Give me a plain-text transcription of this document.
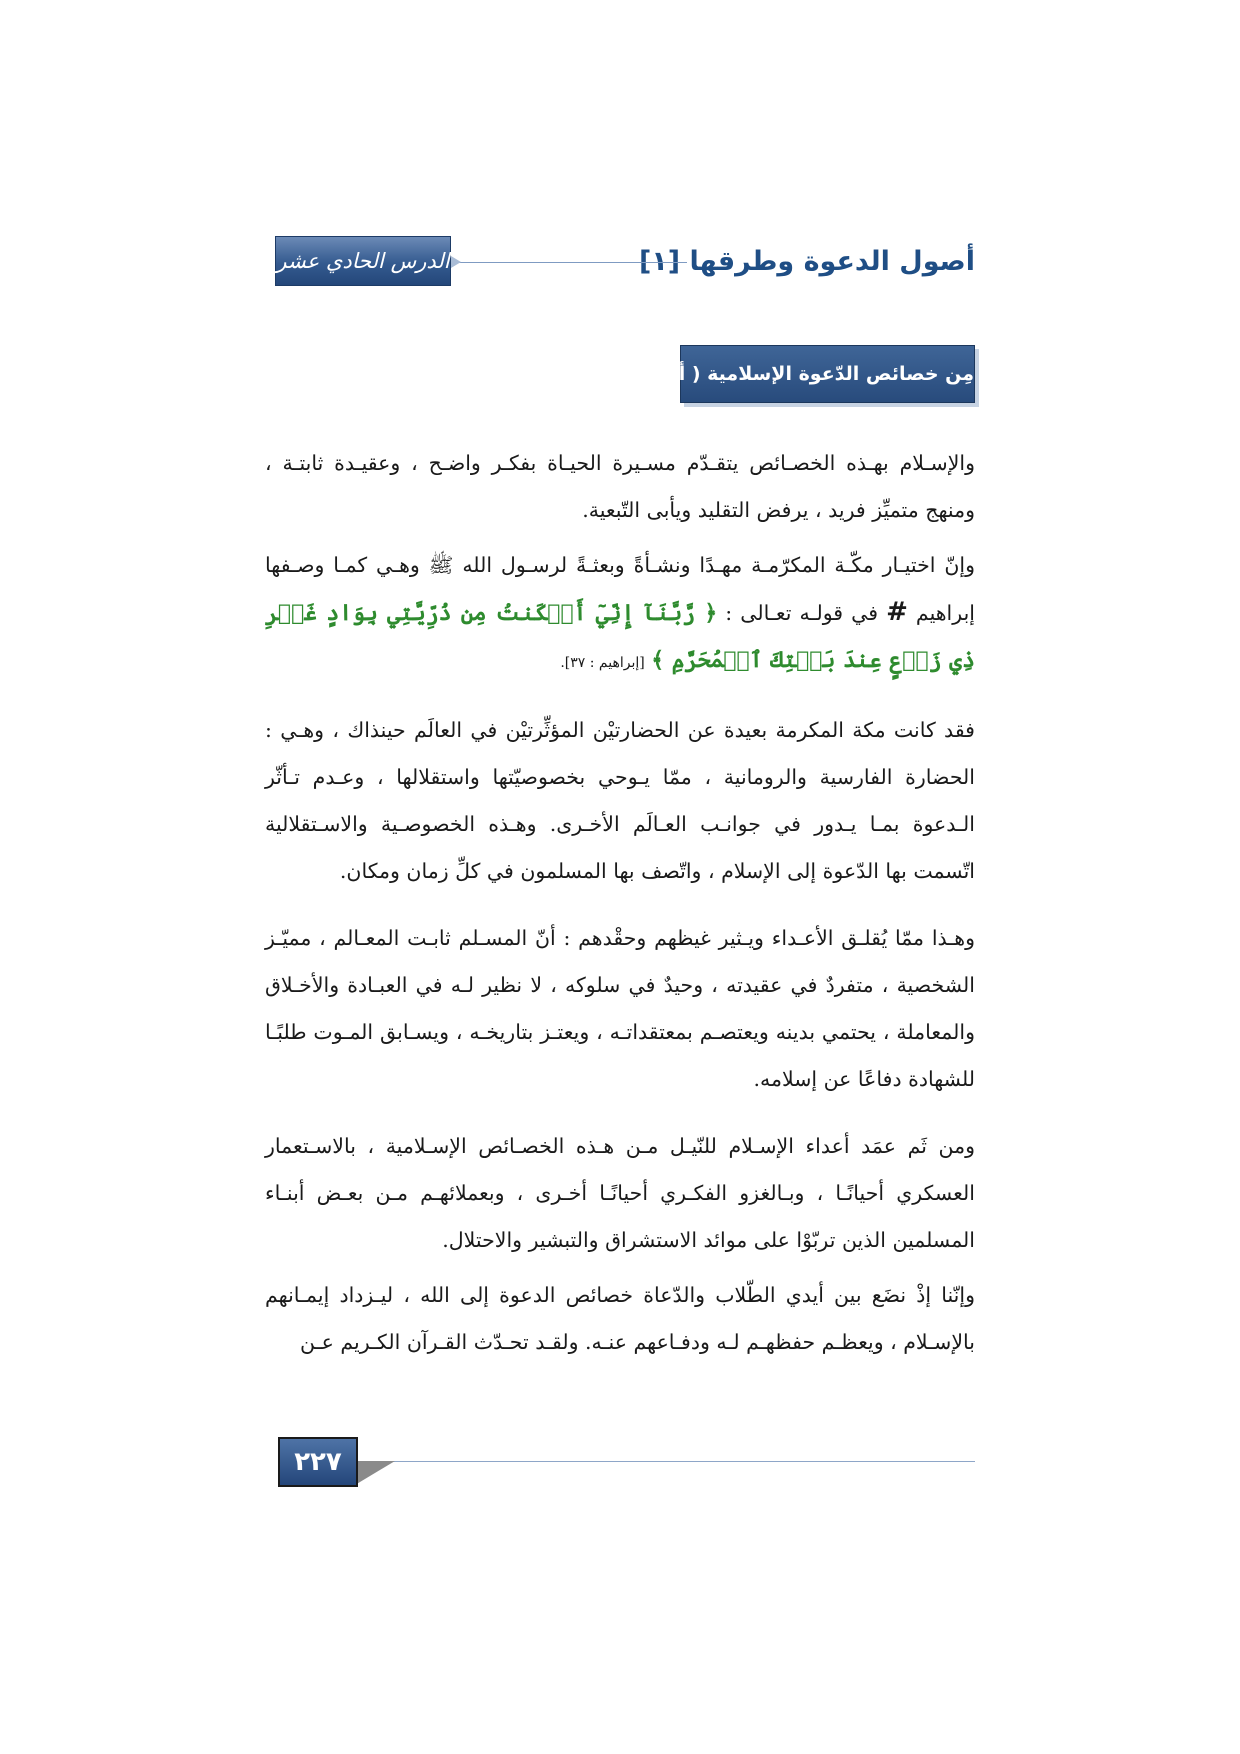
أصول الدعوة وطرقها [١]
الدرس الحادي عشر
مِن خصائص الدّعوة الإسلامية ( أ )

والإسـلام بهـذه الخصـائص يتقـدّم مسـيرة الحيـاة بفكـر واضـح ، وعقيـدة ثابتـة ، ومنهج متميِّز فريد ، يرفض التقليد ويأبى التّبعية.

وإنّ اختيـار مكّـة المكرّمـة مهـدًا ونشـأةً وبعثـةً لرسـول الله ﷺ وهـي كمـا وصـفها إبراهيم # في قولـه تعـالى : ﴿ رَّبَّنَآ إِنِّيٓ أَسۡكَنتُ مِن ذُرِّيَّتِي بِوَادٍ غَيۡرِ ذِي زَرۡعٍ عِندَ بَيۡتِكَ ٱلۡمُحَرَّمِ ﴾ [إبراهيم : ٣٧].

فقد كانت مكة المكرمة بعيدة عن الحضارتيْن المؤثِّرتيْن في العالَم حينذاك ، وهـي : الحضارة الفارسية والرومانية ، ممّا يـوحي بخصوصيّتها واستقلالها ، وعـدم تـأثّر الـدعوة بمـا يـدور في جوانـب العـالَم الأخـرى. وهـذه الخصوصـية والاسـتقلالية اتّسمت بها الدّعوة إلى الإسلام ، واتّصف بها المسلمون في كلِّ زمان ومكان.

وهـذا ممّا يُقلـق الأعـداء ويـثير غيظهم وحقْدهم : أنّ المسـلم ثابـت المعـالم ، مميّـز الشخصية ، متفردٌ في عقيدته ، وحيدٌ في سلوكه ، لا نظير لـه في العبـادة والأخـلاق والمعاملة ، يحتمي بدينه ويعتصـم بمعتقداتـه ، ويعتـز بتاريخـه ، ويسـابق المـوت طلبًـا للشهادة دفاعًا عن إسلامه.

ومن ثَم عمَد أعداء الإسـلام للنّيـل مـن هـذه الخصـائص الإسـلامية ، بالاسـتعمار العسكري أحيانًـا ، وبـالغزو الفكـري أحيانًـا أخـرى ، وبعملائهـم مـن بعـض أبنـاء المسلمين الذين تربّوْا على موائد الاستشراق والتبشير والاحتلال.

وإنّنا إذْ نضَع بين أيدي الطّلاب والدّعاة خصائص الدعوة إلى الله ، ليـزداد إيمـانهم بالإسـلام ، ويعظـم حفظهـم لـه ودفـاعهم عنـه. ولقـد تحـدّث القـرآن الكـريم عـن

٢٢٧
